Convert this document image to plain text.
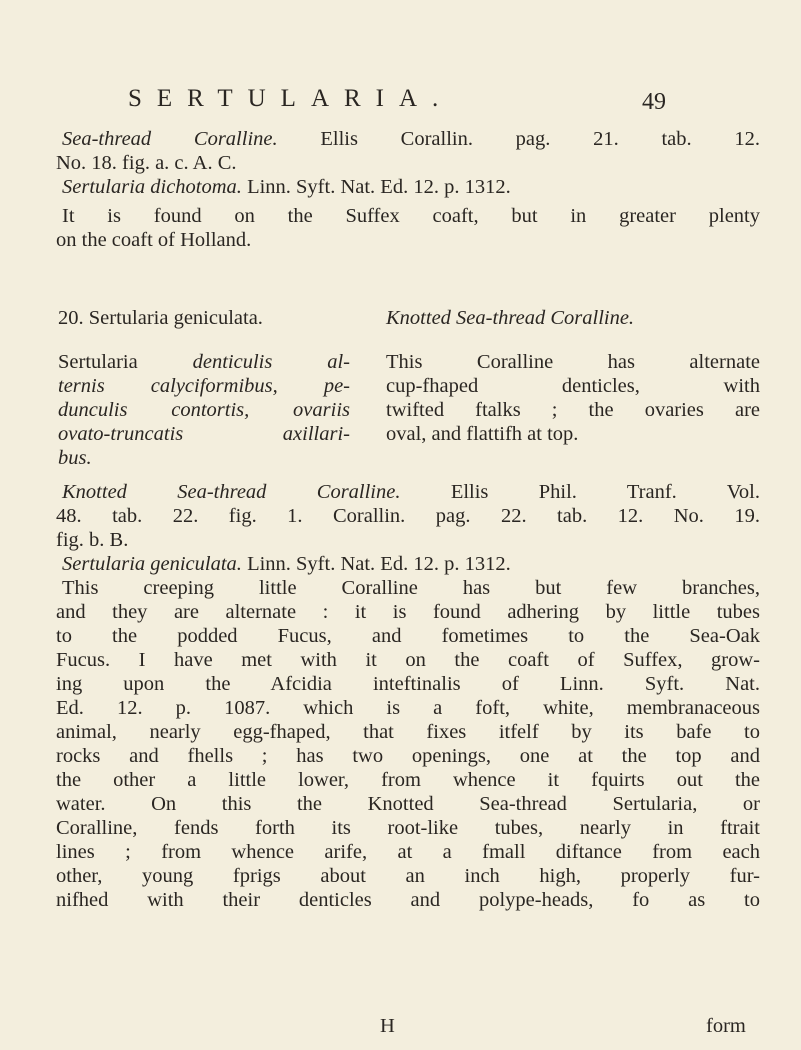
SERTULARIA.	49
Sea-thread Coralline. Ellis Corallin. pag. 21. tab. 12.
No. 18. fig. a. c. A. C.
Sertularia dichotoma. Linn. Syft. Nat. Ed. 12. p. 1312.
It is found on the Suffex coaft, but in greater plenty
on the coaft of Holland.
20. Sertularia geniculata.	Knotted Sea-thread Coralline.
Sertularia denticulis al-
ternis calyciformibus, pe-
dunculis contortis, ovariis
ovato-truncatis axillari-
bus.
This Coralline has alternate
cup-fhaped denticles, with
twifted ftalks ; the ovaries are
oval, and flattifh at top.
Knotted Sea-thread Coralline. Ellis Phil. Tranf. Vol.
48. tab. 22. fig. 1. Corallin. pag. 22. tab. 12. No. 19.
fig. b. B.
Sertularia geniculata. Linn. Syft. Nat. Ed. 12. p. 1312.
This creeping little Coralline has but few branches,
and they are alternate : it is found adhering by little tubes
to the podded Fucus, and fometimes to the Sea-Oak
Fucus. I have met with it on the coaft of Suffex, grow-
ing upon the Afcidia inteftinalis of Linn. Syft. Nat.
Ed. 12. p. 1087. which is a foft, white, membranaceous
animal, nearly egg-fhaped, that fixes itfelf by its bafe to
rocks and fhells ; has two openings, one at the top and
the other a little lower, from whence it fquirts out the
water. On this the Knotted Sea-thread Sertularia, or
Coralline, fends forth its root-like tubes, nearly in ftrait
lines ; from whence arife, at a fmall diftance from each
other, young fprigs about an inch high, properly fur-
nifhed with their denticles and polype-heads, fo as to
H	form
